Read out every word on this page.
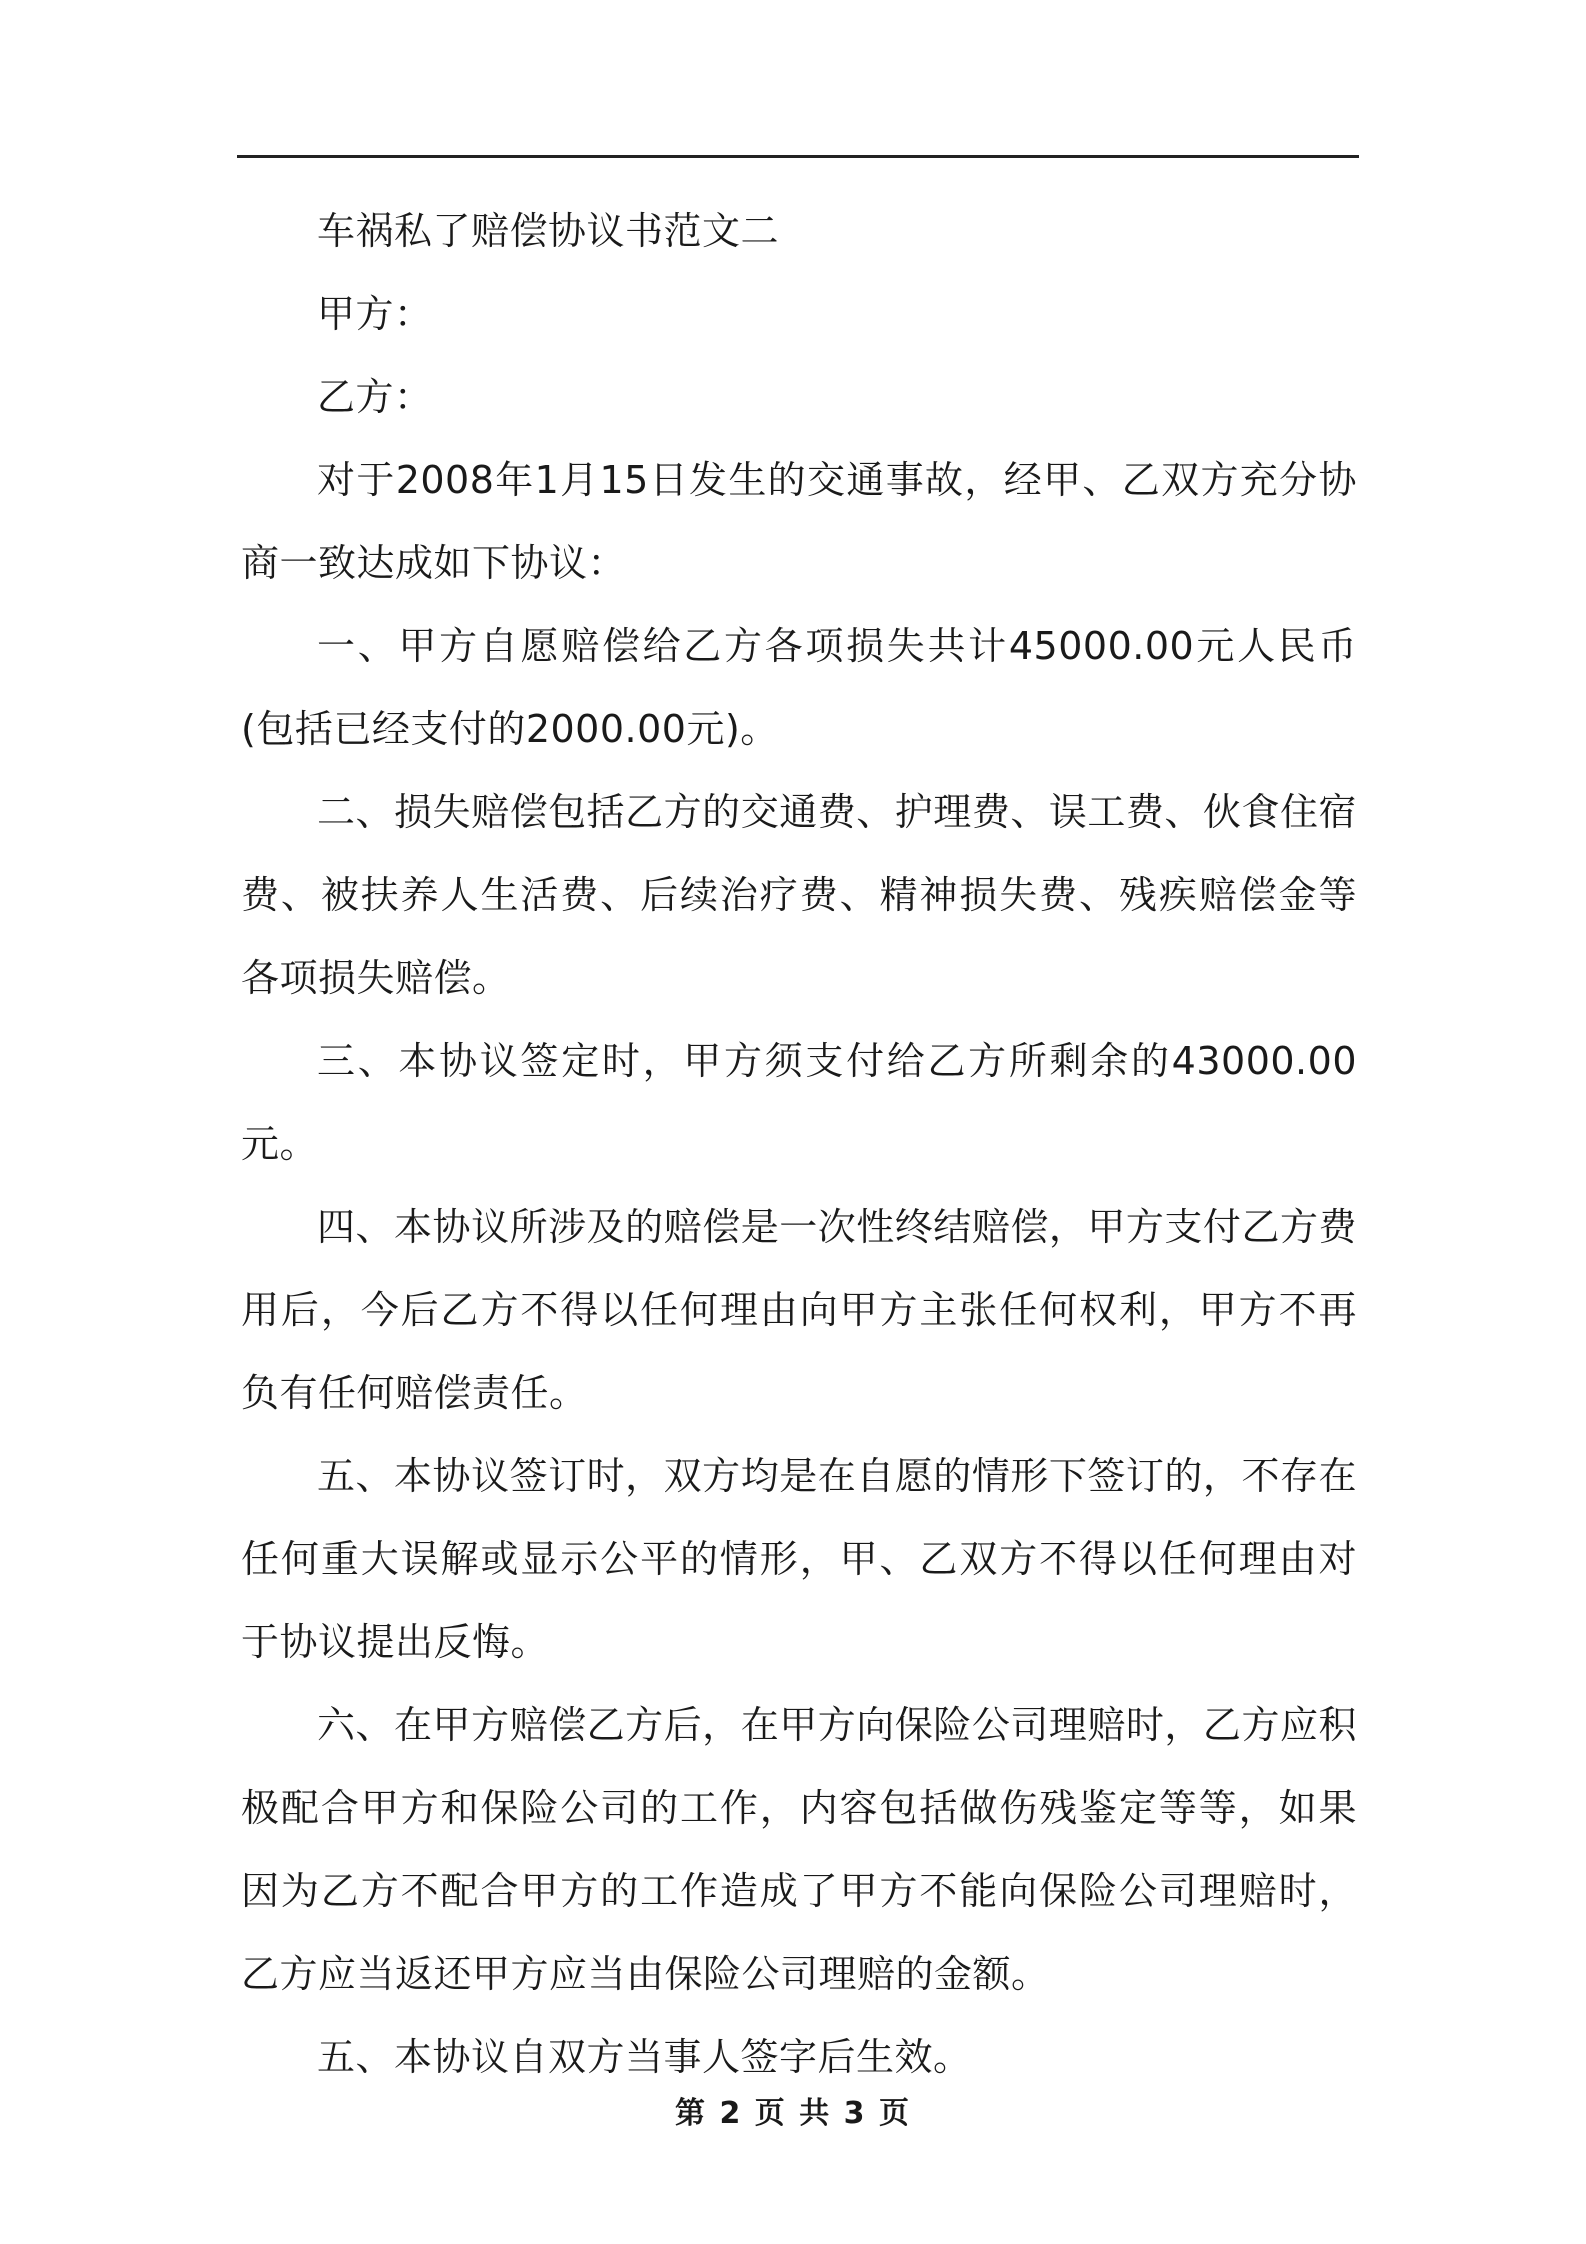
车祸私了赔偿协议书范文二

甲方：

乙方：

对于2008年1月15日发生的交通事故，经甲、乙双方充分协商一致达成如下协议：

一、甲方自愿赔偿给乙方各项损失共计45000.00元人民币(包括已经支付的2000.00元)。

二、损失赔偿包括乙方的交通费、护理费、误工费、伙食住宿费、被扶养人生活费、后续治疗费、精神损失费、残疾赔偿金等各项损失赔偿。

三、本协议签定时，甲方须支付给乙方所剩余的43000.00元。

四、本协议所涉及的赔偿是一次性终结赔偿，甲方支付乙方费用后，今后乙方不得以任何理由向甲方主张任何权利，甲方不再负有任何赔偿责任。

五、本协议签订时，双方均是在自愿的情形下签订的，不存在任何重大误解或显示公平的情形，甲、乙双方不得以任何理由对于协议提出反悔。

六、在甲方赔偿乙方后，在甲方向保险公司理赔时，乙方应积极配合甲方和保险公司的工作，内容包括做伤残鉴定等等，如果因为乙方不配合甲方的工作造成了甲方不能向保险公司理赔时，乙方应当返还甲方应当由保险公司理赔的金额。

五、本协议自双方当事人签字后生效。

第 2 页 共 3 页
